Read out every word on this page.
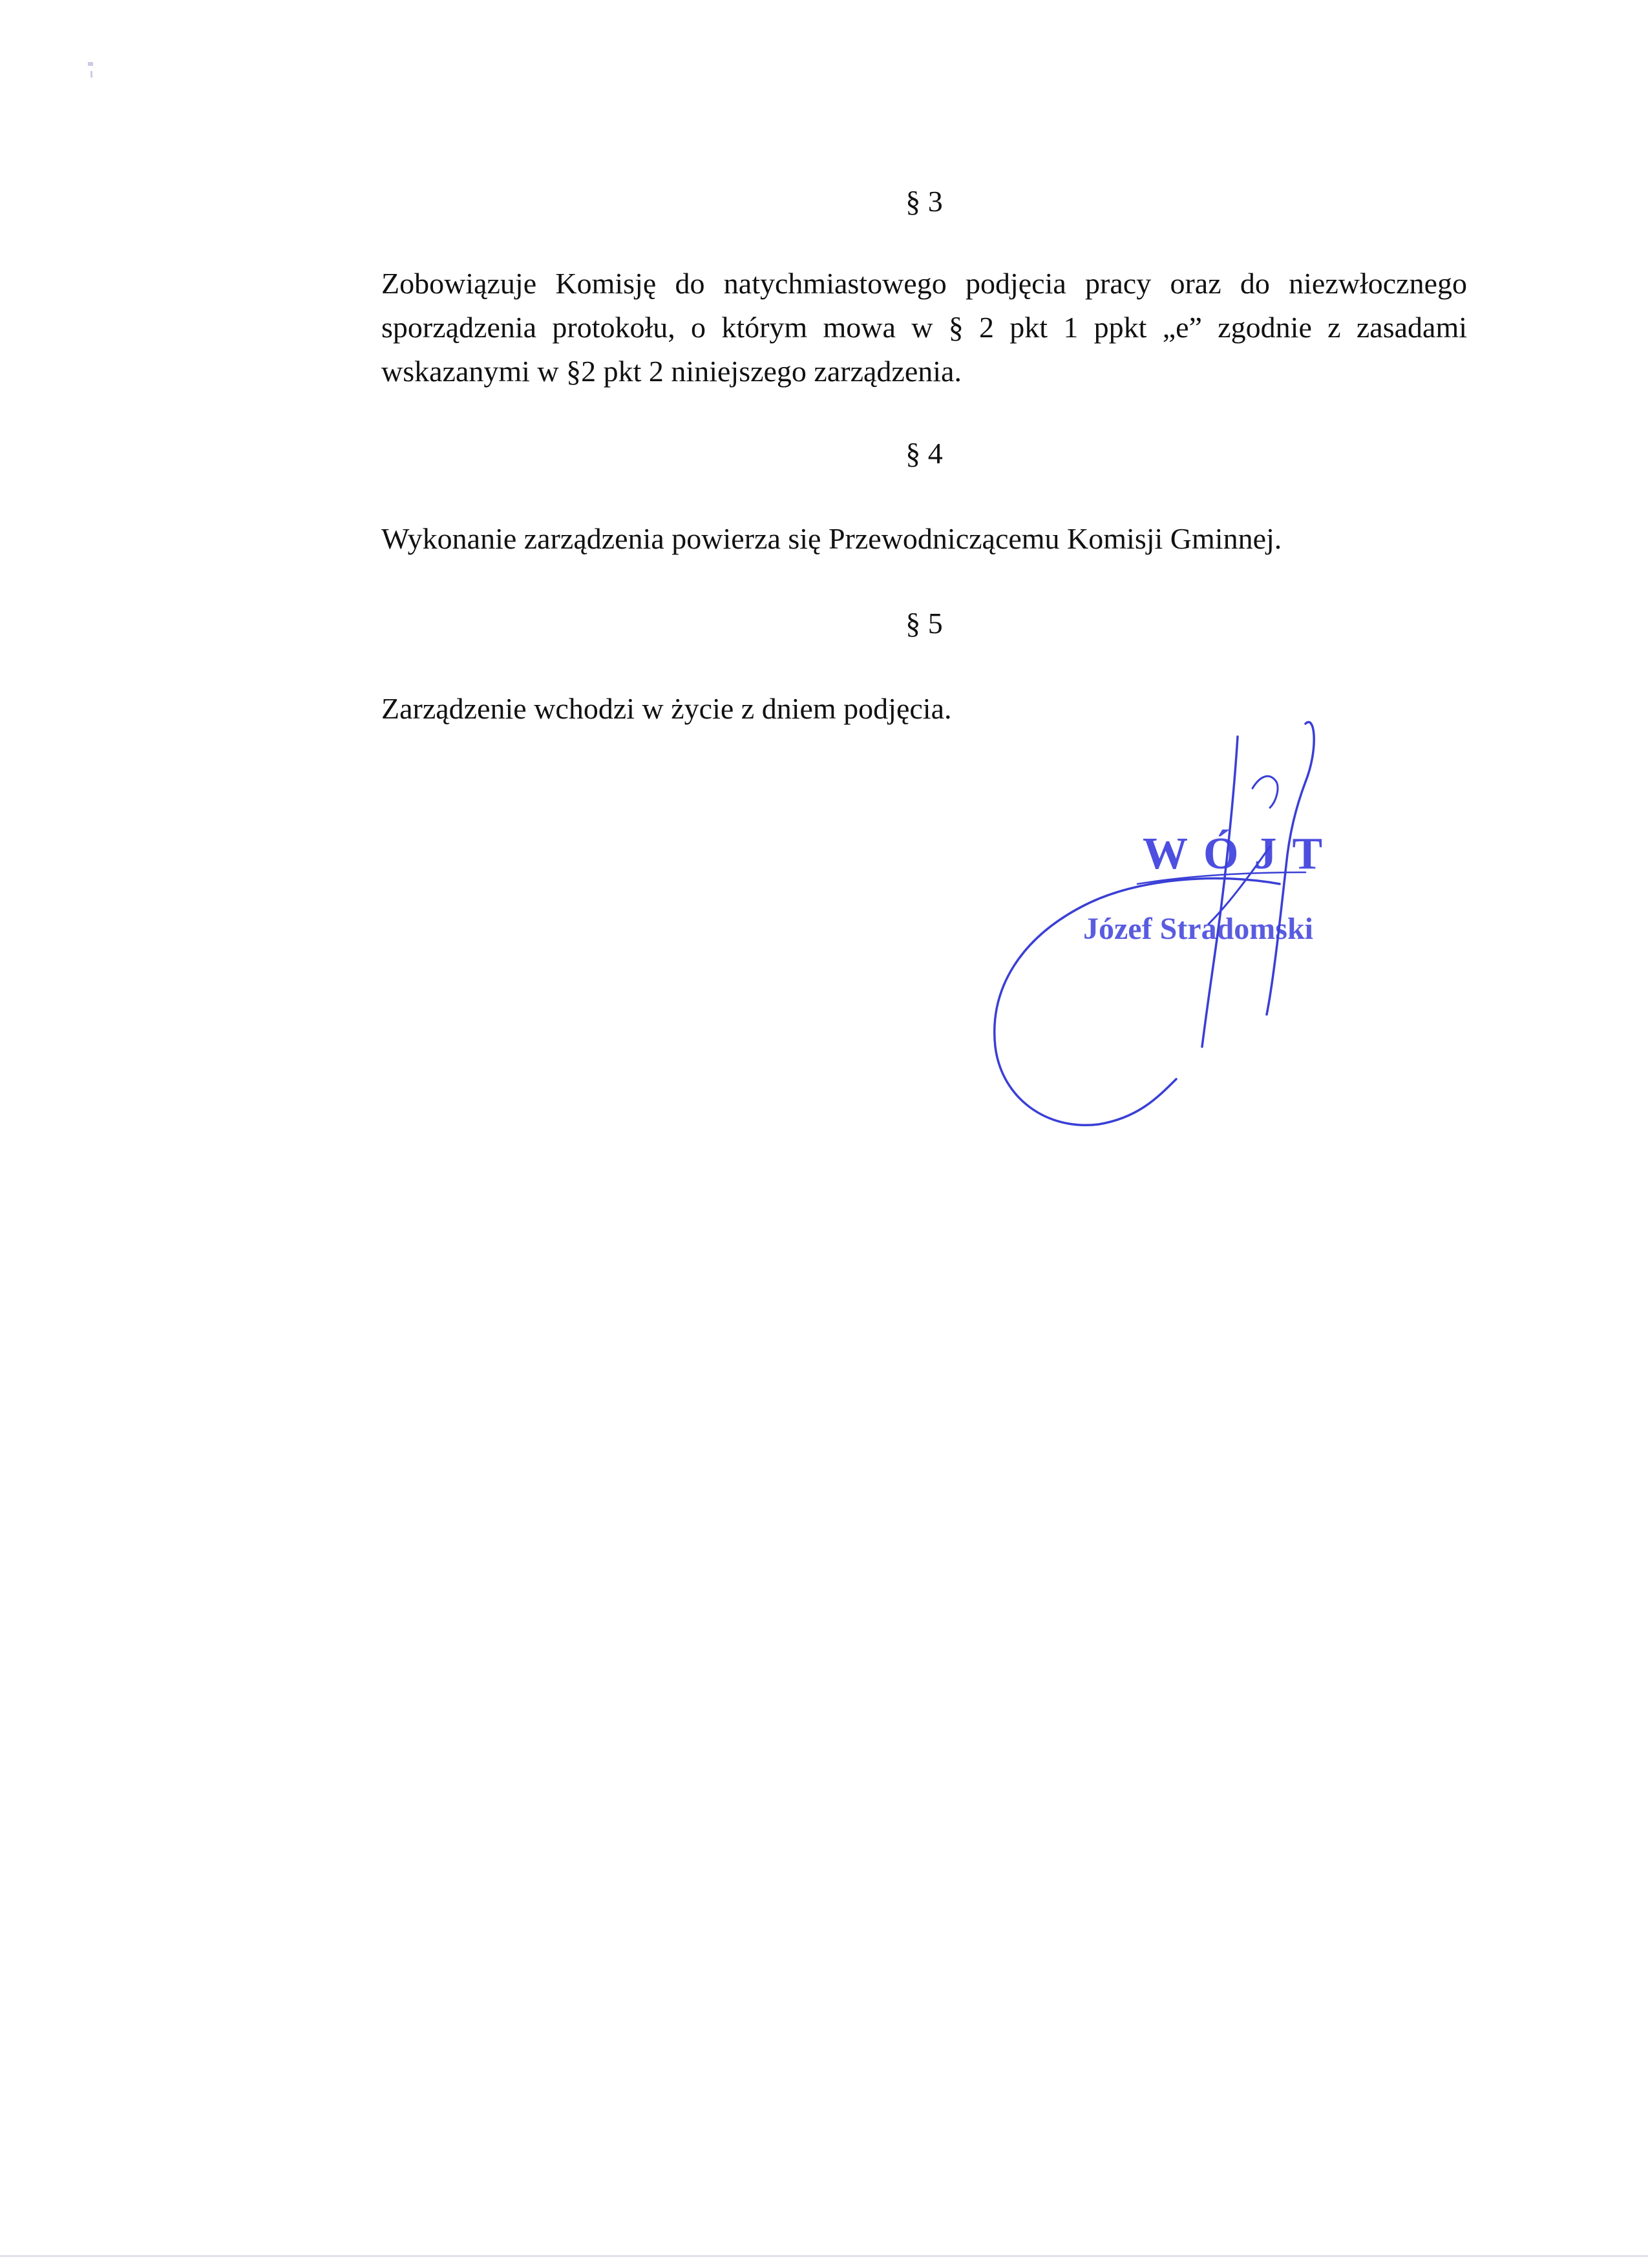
§ 3
Zobowiązuje Komisję do natychmiastowego podjęcia pracy oraz do niezwłocznego
sporządzenia protokołu, o którym mowa w § 2 pkt 1 ppkt „e” zgodnie z zasadami
wskazanymi w §2 pkt 2 niniejszego zarządzenia.
§ 4
Wykonanie zarządzenia powierza się Przewodniczącemu Komisji Gminnej.
§ 5
Zarządzenie wchodzi w życie z dniem podjęcia.
WÓJT
Józef Stradomski
